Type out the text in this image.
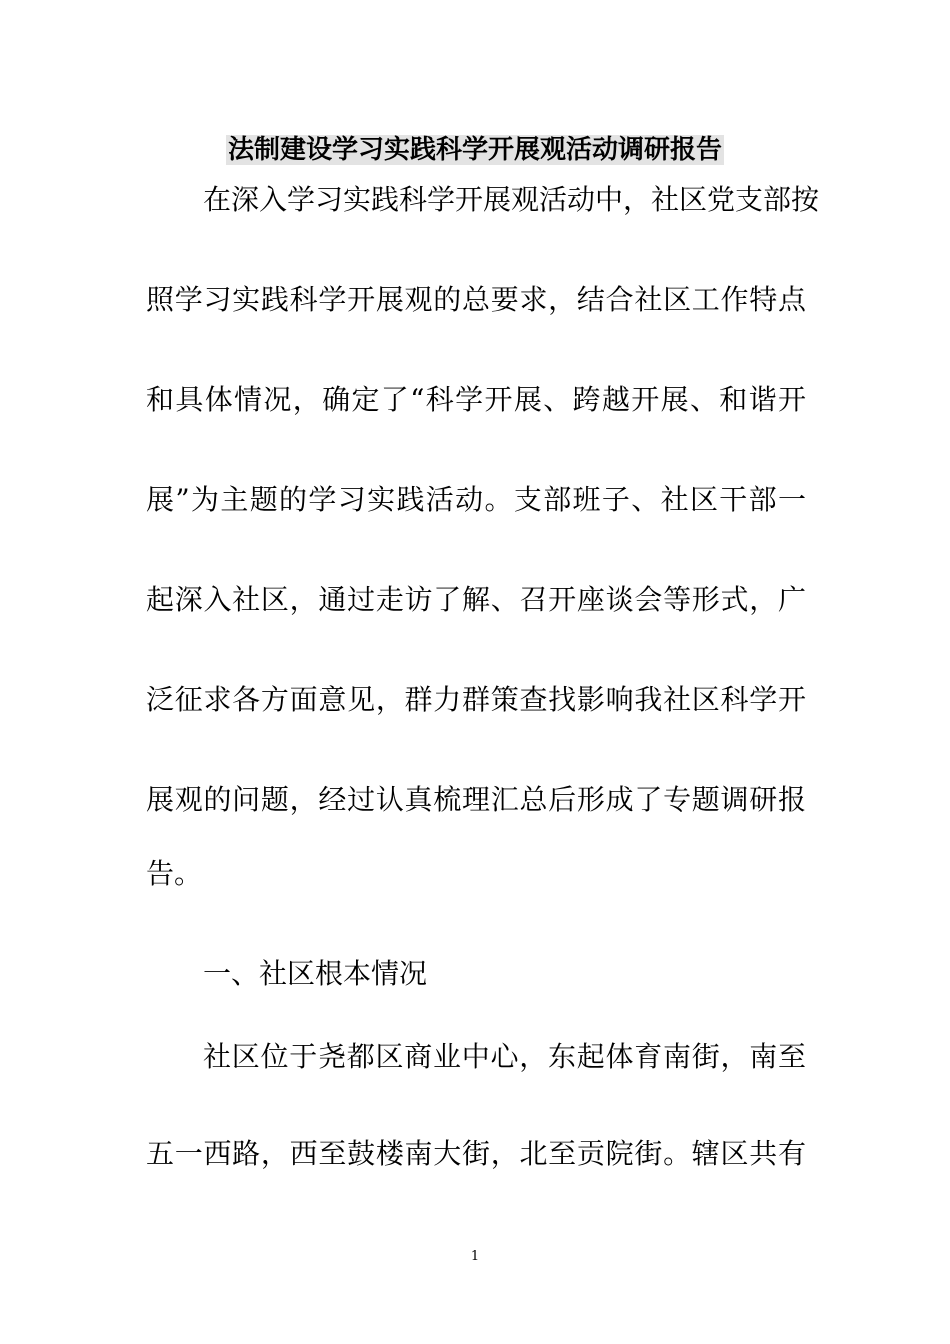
法制建设学习实践科学开展观活动调研报告
在深入学习实践科学开展观活动中，社区党支部按
照学习实践科学开展观的总要求，结合社区工作特点
和具体情况，确定了“科学开展、跨越开展、和谐开
展”为主题的学习实践活动。支部班子、社区干部一
起深入社区，通过走访了解、召开座谈会等形式，广
泛征求各方面意见，群力群策查找影响我社区科学开
展观的问题，经过认真梳理汇总后形成了专题调研报
告。
一、社区根本情况
社区位于尧都区商业中心，东起体育南街，南至
五一西路，西至鼓楼南大街，北至贡院街。辖区共有
1
